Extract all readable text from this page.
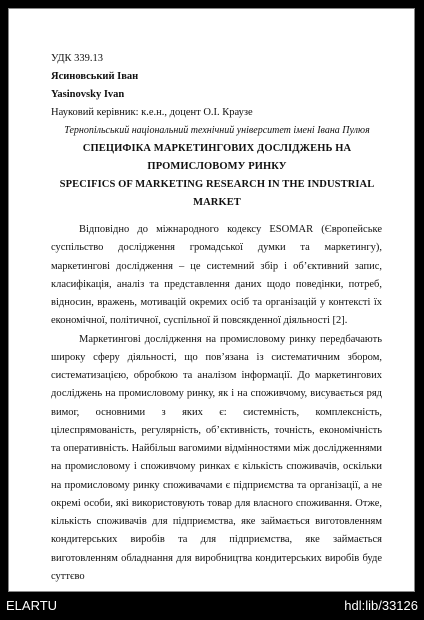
УДК 339.13
Ясиновський Іван
Yasinovsky Ivan
Науковий керівник: к.е.н., доцент О.І. Краузе
Тернопільський національний технічний університет імені Івана Пулюя
СПЕЦИФІКА МАРКЕТИНГОВИХ ДОСЛІДЖЕНЬ НА
ПРОМИСЛОВОМУ РИНКУ
SPECIFICS OF MARKETING RESEARCH IN THE INDUSTRIAL
MARKET

Відповідно до міжнародного кодексу ESOMAR (Європейське суспільство дослідження громадської думки та маркетингу), маркетингові дослідження – це системний збір і об’єктивний запис, класифікація, аналіз та представлення даних щодо поведінки, потреб, відносин, вражень, мотивацій окремих осіб та організацій у контексті їх економічної, політичної, суспільної й повсякденної діяльності [2].

Маркетингові дослідження на промисловому ринку передбачають широку сферу діяльності, що пов’язана із систематичним збором, систематизацією, обробкою та аналізом інформації. До маркетингових досліджень на промисловому ринку, як і на споживчому, висувається ряд вимог, основними з яких є: системність, комплексність, цілеспрямованість, регулярність, об’єктивність, точність, економічність та оперативність. Найбільш вагомими відмінностями між дослідженнями на промисловому і споживчому ринках є кількість споживачів, оскільки на промисловому ринку споживачами є підприємства та організації, а не окремі особи, які використовують товар для власного споживання. Отже, кількість споживачів для підприємства, яке займається виготовленням кондитерських виробів та для підприємства, яке займається виготовленням обладнання для виробництва кондитерських виробів буде суттєво

ELARTU	hdl:lib/33126
